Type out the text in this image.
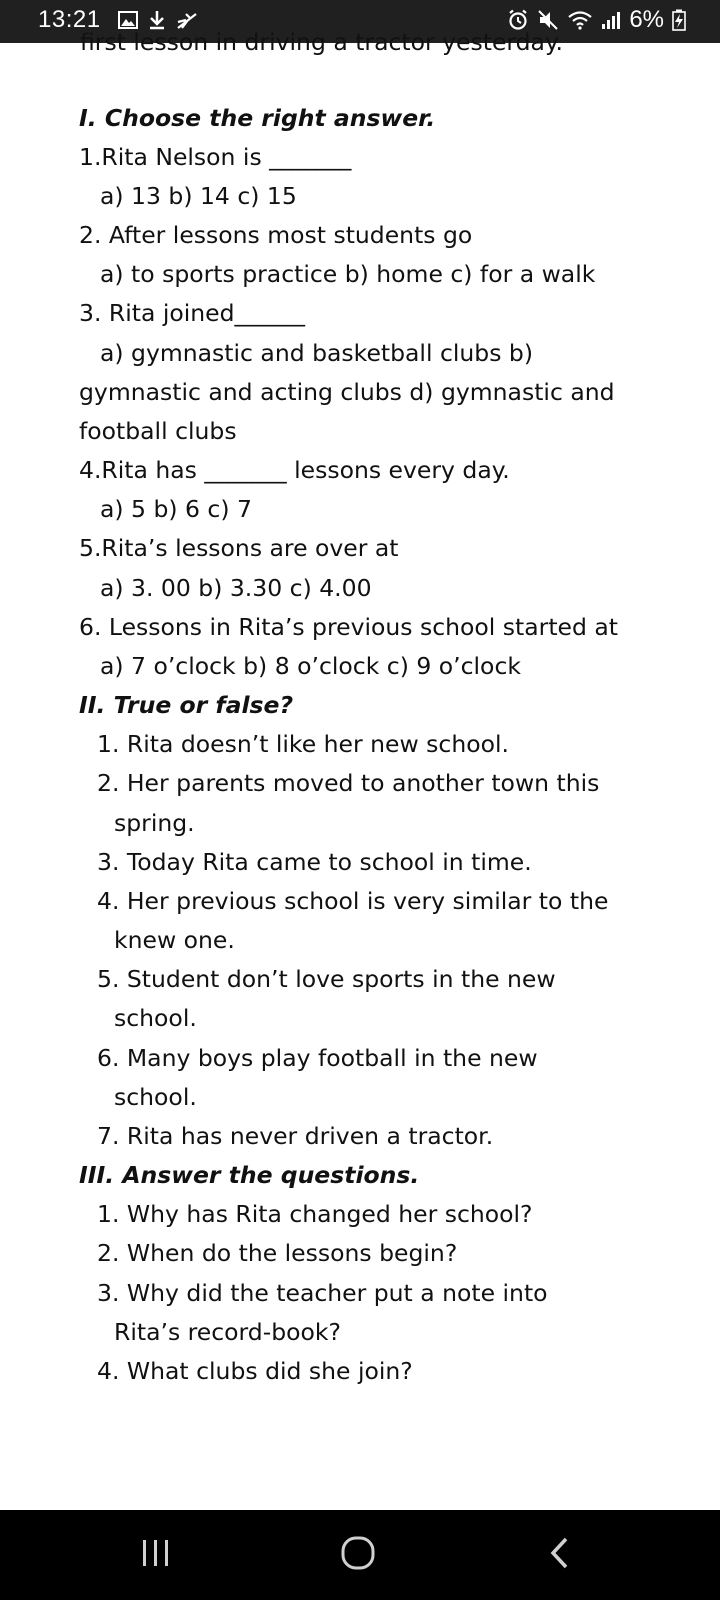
13:21	6%
first lesson in driving a tractor yesterday.
I. Choose the right answer.
1.Rita Nelson is _______
a) 13 b) 14 c) 15
2. After lessons most students go
a) to sports practice b) home c) for a walk
3. Rita joined______
a) gymnastic and basketball clubs b)
gymnastic and acting clubs d) gymnastic and
football clubs
4.Rita has _______ lessons every day.
a) 5 b) 6 c) 7
5.Rita’s lessons are over at
a) 3. 00 b) 3.30 c) 4.00
6. Lessons in Rita’s previous school started at
a) 7 o’clock b) 8 o’clock c) 9 o’clock
II. True or false?
1. Rita doesn’t like her new school.
2. Her parents moved to another town this
spring.
3. Today Rita came to school in time.
4. Her previous school is very similar to the
knew one.
5. Student don’t love sports in the new
school.
6. Many boys play football in the new
school.
7. Rita has never driven a tractor.
III. Answer the questions.
1. Why has Rita changed her school?
2. When do the lessons begin?
3. Why did the teacher put a note into
Rita’s record-book?
4. What clubs did she join?
